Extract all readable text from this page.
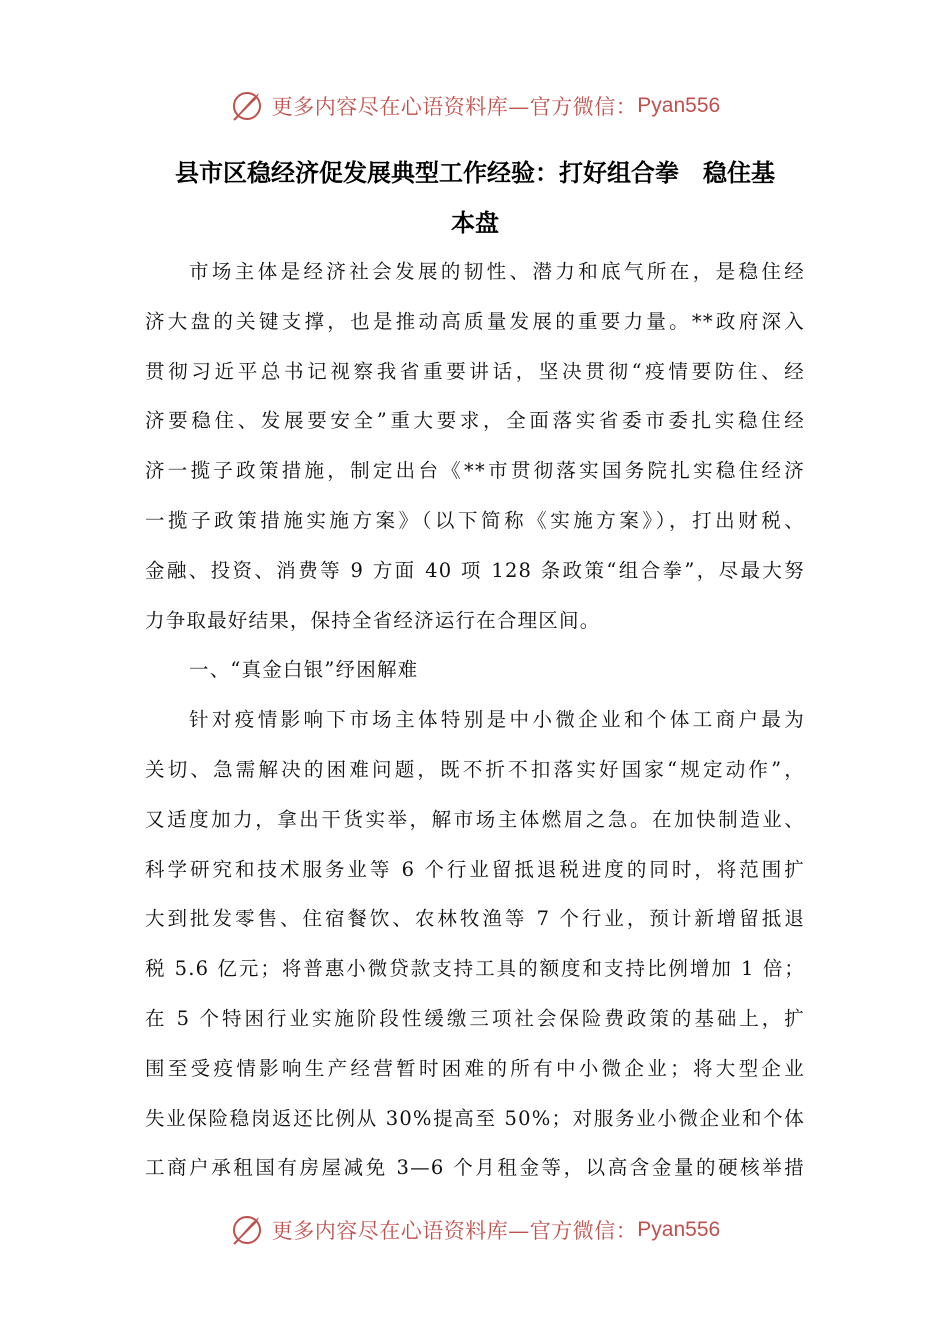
更多内容尽在心语资料库—官方微信： Pyan556
县市区稳经济促发展典型工作经验：打好组合拳　稳住基
本盘
市场主体是经济社会发展的韧性、潜力和底气所在，是稳住经
济大盘的关键支撑，也是推动高质量发展的重要力量。**政府深入
贯彻习近平总书记视察我省重要讲话，坚决贯彻“疫情要防住、经
济要稳住、发展要安全”重大要求，全面落实省委市委扎实稳住经
济一揽子政策措施，制定出台《**市贯彻落实国务院扎实稳住经济
一揽子政策措施实施方案》（以下简称《实施方案》），打出财税、
金融、投资、消费等 9 方面 40 项 128 条政策“组合拳”，尽最大努
力争取最好结果，保持全省经济运行在合理区间。
一、“真金白银”纾困解难
针对疫情影响下市场主体特别是中小微企业和个体工商户最为
关切、急需解决的困难问题，既不折不扣落实好国家“规定动作”，
又适度加力，拿出干货实举，解市场主体燃眉之急。在加快制造业、
科学研究和技术服务业等 6 个行业留抵退税进度的同时，将范围扩
大到批发零售、住宿餐饮、农林牧渔等 7 个行业，预计新增留抵退
税 5.6 亿元；将普惠小微贷款支持工具的额度和支持比例增加 1 倍；
在 5 个特困行业实施阶段性缓缴三项社会保险费政策的基础上，扩
围至受疫情影响生产经营暂时困难的所有中小微企业；将大型企业
失业保险稳岗返还比例从 30%提高至 50%；对服务业小微企业和个体
工商户承租国有房屋减免 3—6 个月租金等，以高含金量的硬核举措
更多内容尽在心语资料库—官方微信： Pyan556
